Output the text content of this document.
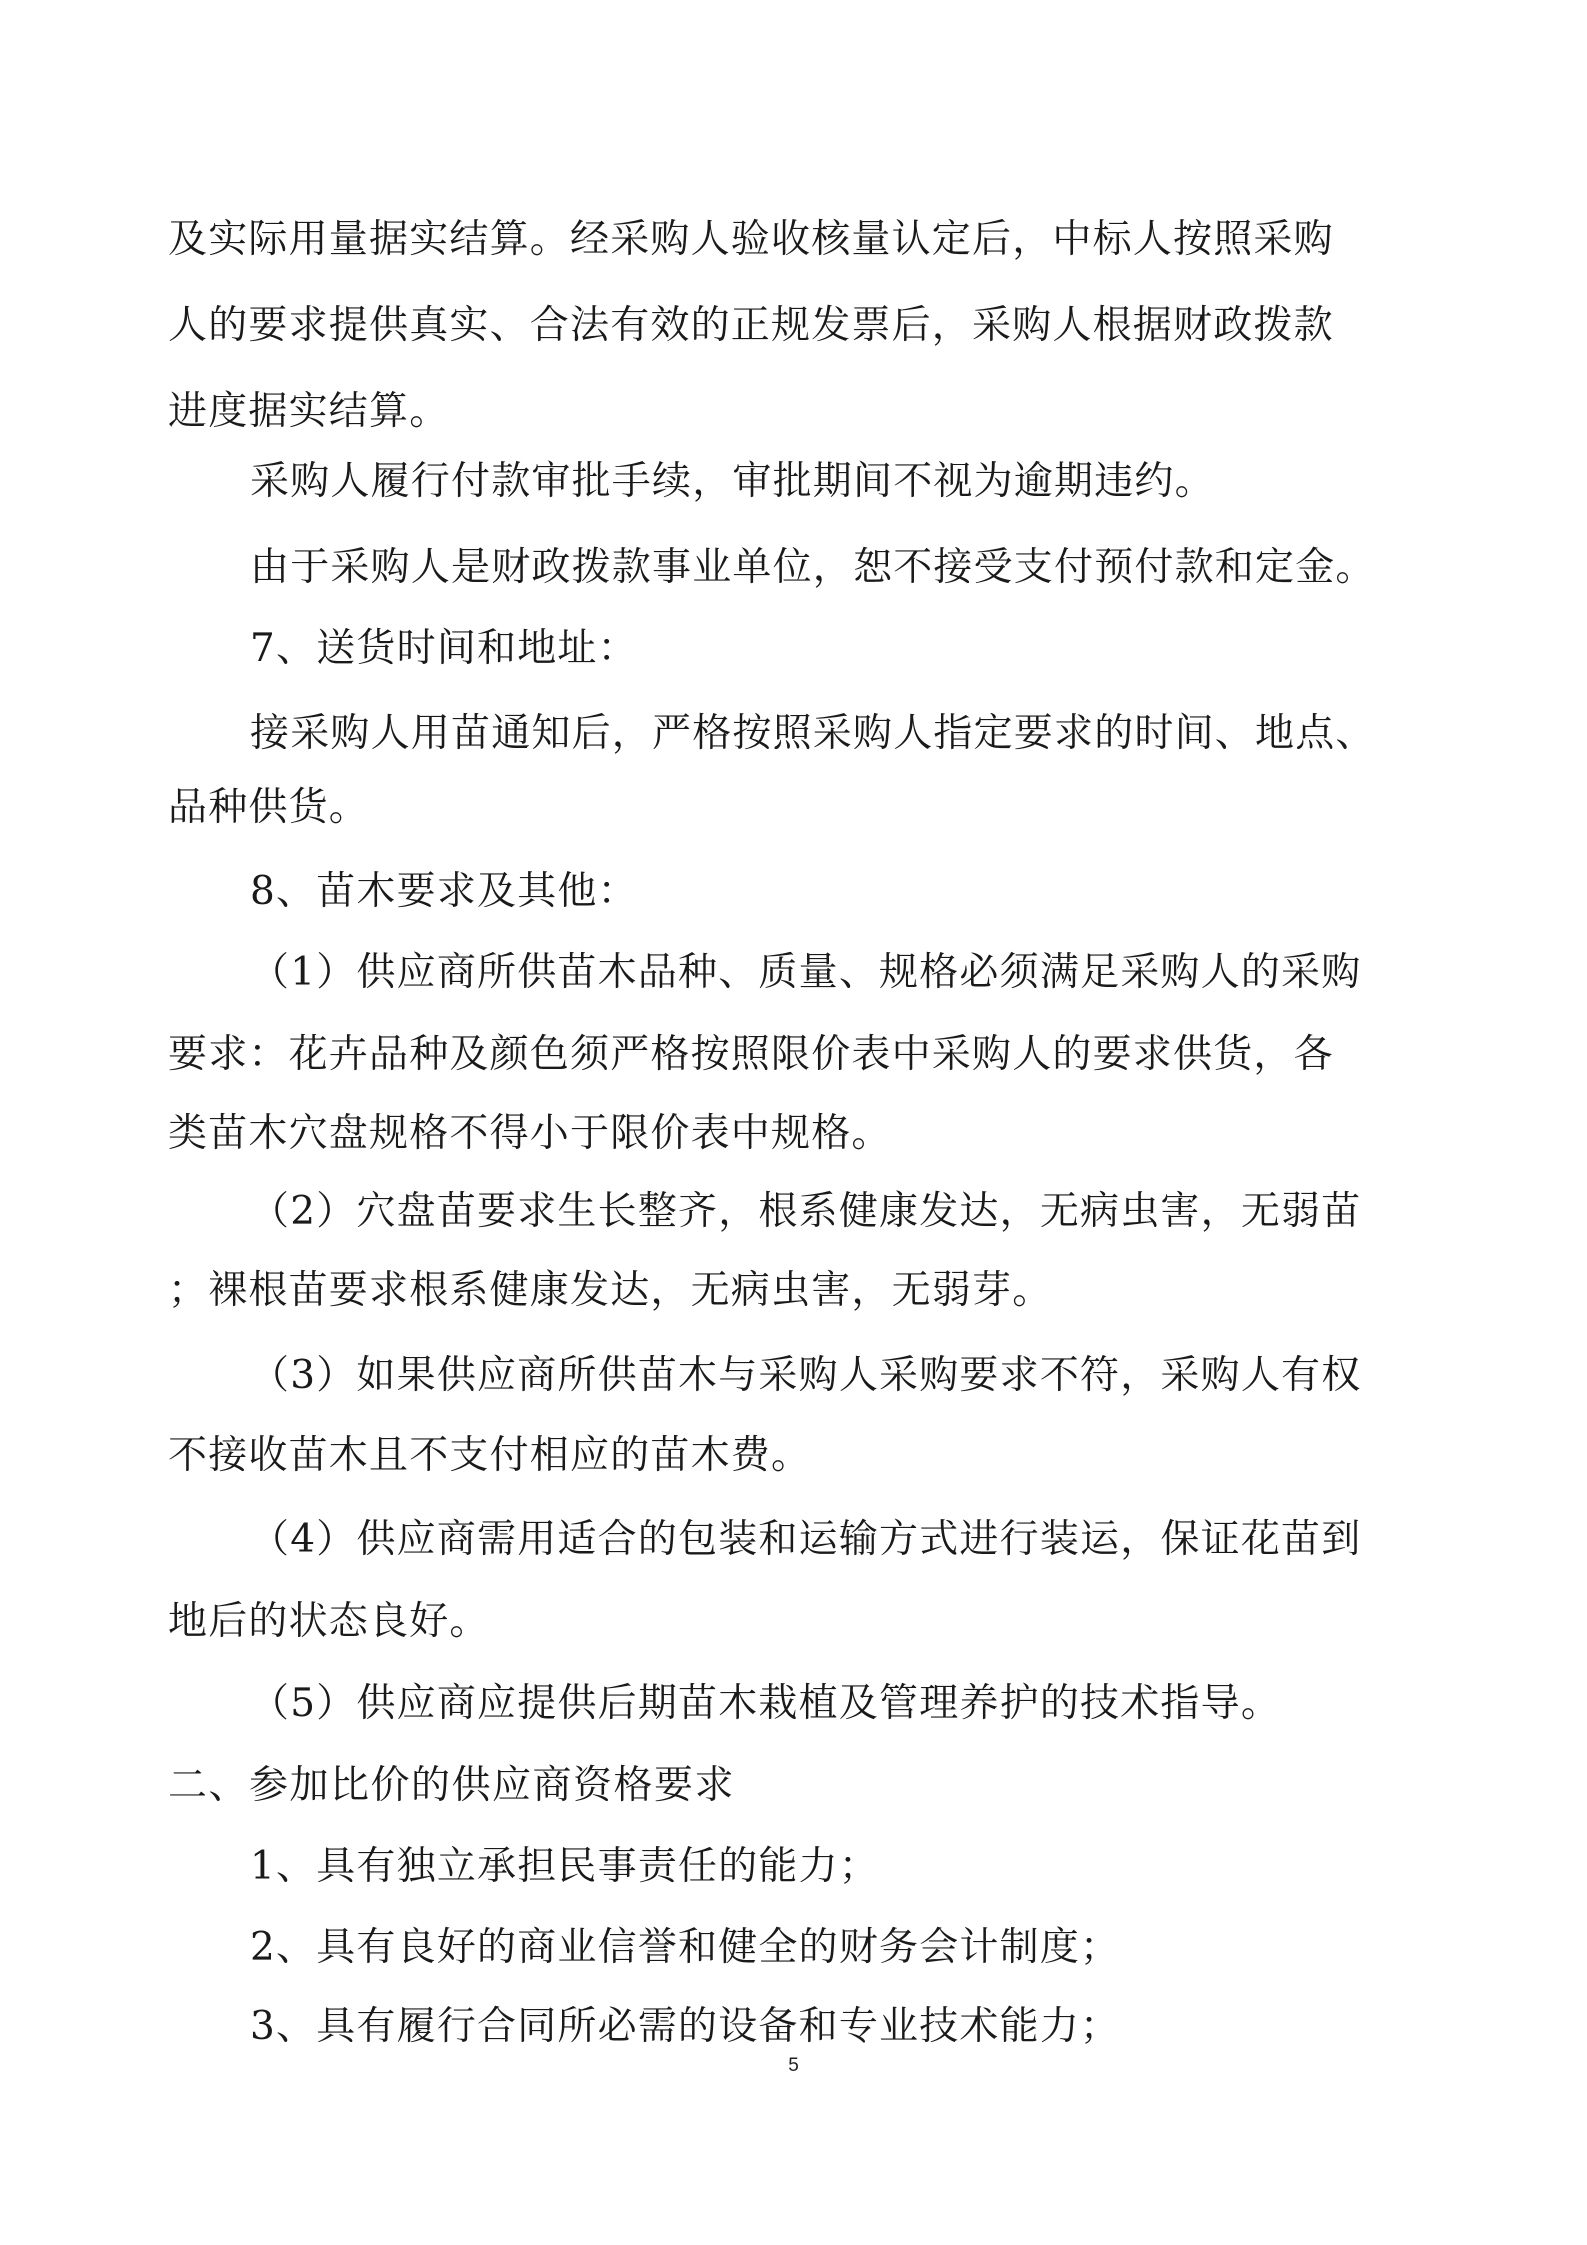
及实际用量据实结算。经采购人验收核量认定后，中标人按照采购
人的要求提供真实、合法有效的正规发票后，采购人根据财政拨款
进度据实结算。
采购人履行付款审批手续，审批期间不视为逾期违约。
由于采购人是财政拨款事业单位，恕不接受支付预付款和定金。
7、送货时间和地址：
接采购人用苗通知后，严格按照采购人指定要求的时间、地点、
品种供货。
8、苗木要求及其他：
（1）供应商所供苗木品种、质量、规格必须满足采购人的采购
要求：花卉品种及颜色须严格按照限价表中采购人的要求供货，各
类苗木穴盘规格不得小于限价表中规格。
（2）穴盘苗要求生长整齐，根系健康发达，无病虫害，无弱苗
；裸根苗要求根系健康发达，无病虫害，无弱芽。
（3）如果供应商所供苗木与采购人采购要求不符，采购人有权
不接收苗木且不支付相应的苗木费。
（4）供应商需用适合的包装和运输方式进行装运，保证花苗到
地后的状态良好。
（5）供应商应提供后期苗木栽植及管理养护的技术指导。
二、参加比价的供应商资格要求
1、具有独立承担民事责任的能力；
2、具有良好的商业信誉和健全的财务会计制度；
3、具有履行合同所必需的设备和专业技术能力；
5
